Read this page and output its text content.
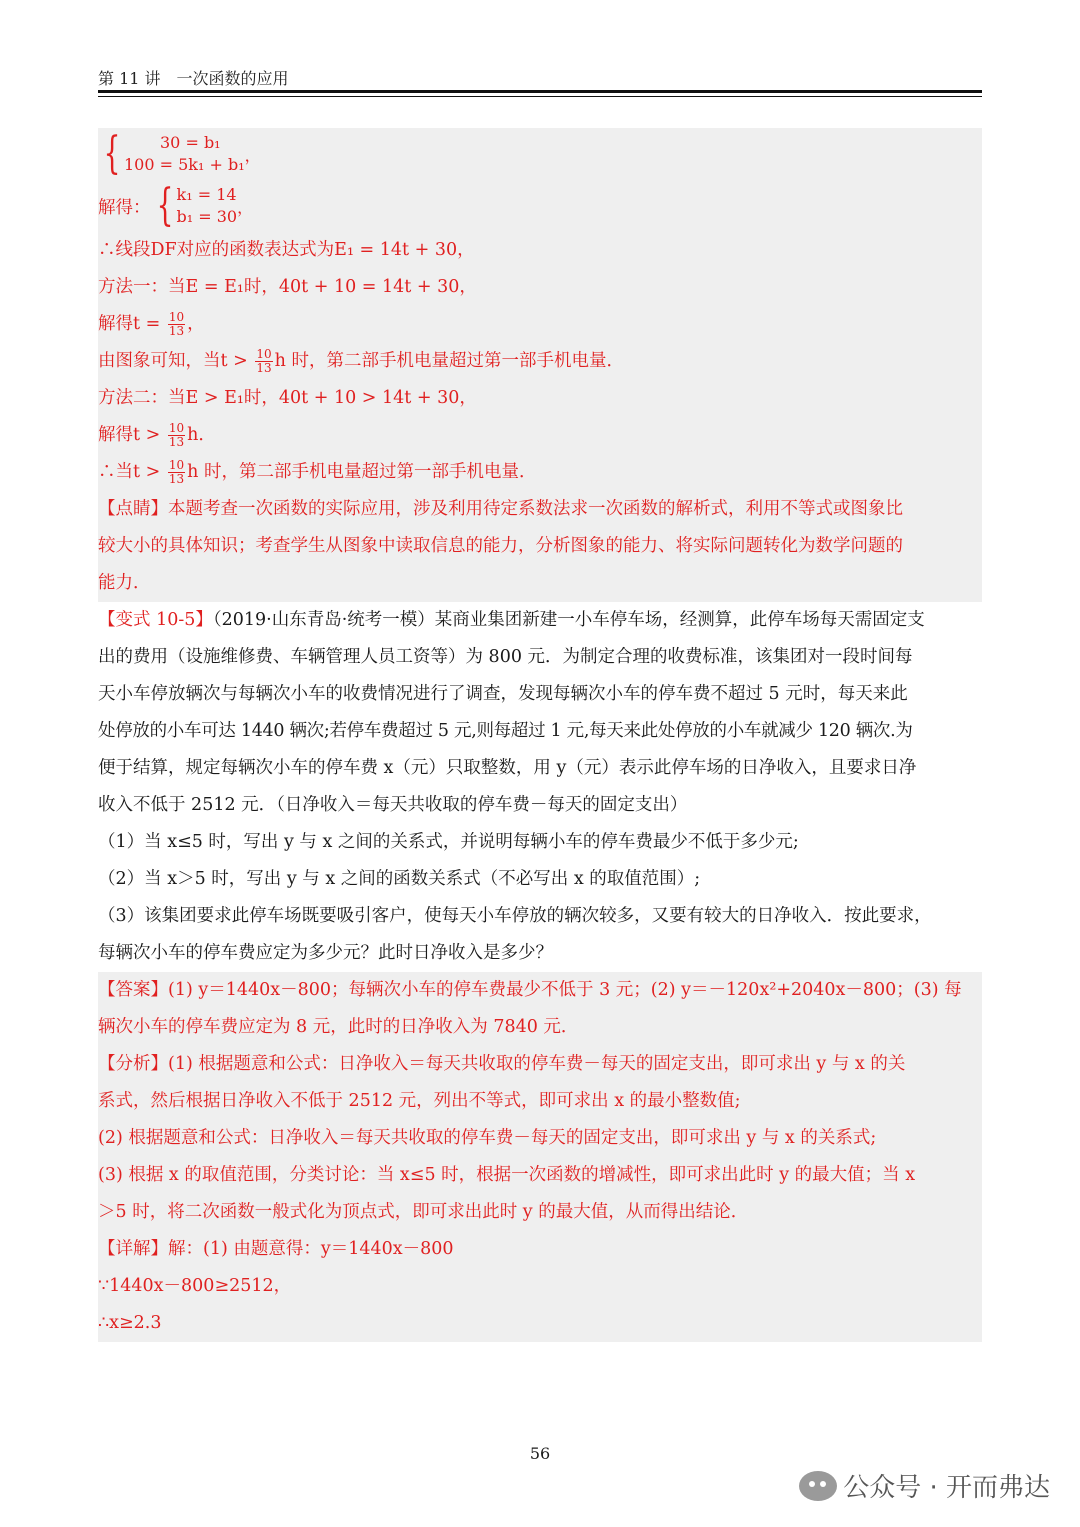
第 11 讲　一次函数的应用
{	30 = b₁
100 = 5k₁ + b₁ ，
解得： { k₁ = 14
b₁ = 30 ，
∴线段DF对应的函数表达式为E₁ = 14t + 30，
方法一：当E = E₁时，40t + 10 = 14t + 30，
解得$t = \frac{10}{13}$ ，
由图象可知，当$t > \frac{10}{13}$ h 时，第二部手机电量超过第一部手机电量．
方法二：当E > E₁时，40t + 10 > 14t + 30，
解得$t > \frac{10}{13}$ h．
∴当$t > \frac{10}{13}$ h 时，第二部手机电量超过第一部手机电量．
【点睛】本题考查一次函数的实际应用，涉及利用待定系数法求一次函数的解析式，利用不等式或图象比
较大小的具体知识；考查学生从图象中读取信息的能力，分析图象的能力、将实际问题转化为数学问题的
能力．
【变式 10-5】（2019·山东青岛·统考一模）某商业集团新建一小车停车场，经测算，此停车场每天需固定支
出的费用（设施维修费、车辆管理人员工资等）为 800 元．为制定合理的收费标准，该集团对一段时间每
天小车停放辆次与每辆次小车的收费情况进行了调查，发现每辆次小车的停车费不超过 5 元时，每天来此
处停放的小车可达 1440 辆次;若停车费超过 5 元,则每超过 1 元,每天来此处停放的小车就减少 120 辆次.为
便于结算，规定每辆次小车的停车费 x（元）只取整数，用 y（元）表示此停车场的日净收入，且要求日净
收入不低于 2512 元．（日净收入＝每天共收取的停车费－每天的固定支出）
（1）当 x≤5 时，写出 y 与 x 之间的关系式，并说明每辆小车的停车费最少不低于多少元;
（2）当 x＞5 时，写出 y 与 x 之间的函数关系式（不必写出 x 的取值范围）;
（3）该集团要求此停车场既要吸引客户，使每天小车停放的辆次较多，又要有较大的日净收入．按此要求，
每辆次小车的停车费应定为多少元？此时日净收入是多少？
【答案】(1) y＝1440x－800；每辆次小车的停车费最少不低于 3 元；(2) y＝－120x²+2040x－800；(3) 每
辆次小车的停车费应定为 8 元，此时的日净收入为 7840 元．
【分析】(1) 根据题意和公式：日净收入＝每天共收取的停车费－每天的固定支出，即可求出 y 与 x 的关
系式，然后根据日净收入不低于 2512 元，列出不等式，即可求出 x 的最小整数值;
(2) 根据题意和公式：日净收入＝每天共收取的停车费－每天的固定支出，即可求出 y 与 x 的关系式;
(3) 根据 x 的取值范围，分类讨论：当 x≤5 时，根据一次函数的增减性，即可求出此时 y 的最大值；当 x
＞5 时，将二次函数一般式化为顶点式，即可求出此时 y 的最大值，从而得出结论．
【详解】解：(1) 由题意得：y＝1440x－800
∵1440x－800≥2512，
∴x≥2.3
56
公众号 · 开而弗达
